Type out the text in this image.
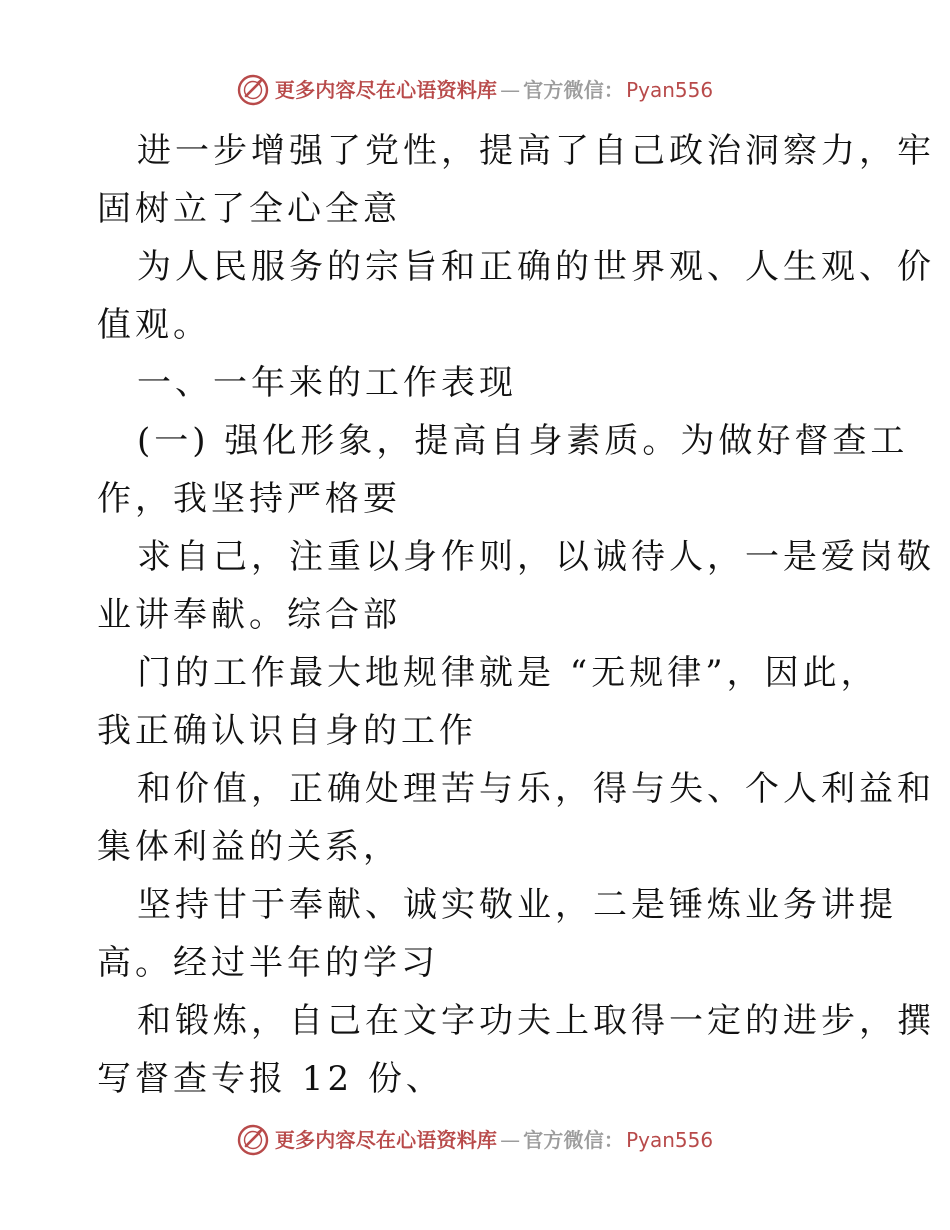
更多内容尽在心语资料库 — 官方微信： Pyan556

进一步增强了党性，提高了自己政治洞察力，牢

固树立了全心全意

为人民服务的宗旨和正确的世界观、人生观、价

值观。

一、一年来的工作表现

(一) 强化形象，提高自身素质。为做好督查工

作，我坚持严格要

求自己，注重以身作则，以诚待人，一是爱岗敬

业讲奉献。综合部

门的工作最大地规律就是 “无规律”，因此，

我正确认识自身的工作

和价值，正确处理苦与乐，得与失、个人利益和

集体利益的关系，

坚持甘于奉献、诚实敬业，二是锤炼业务讲提

高。经过半年的学习

和锻炼，自己在文字功夫上取得一定的进步，撰

写督查专报 12 份、

更多内容尽在心语资料库 — 官方微信： Pyan556
